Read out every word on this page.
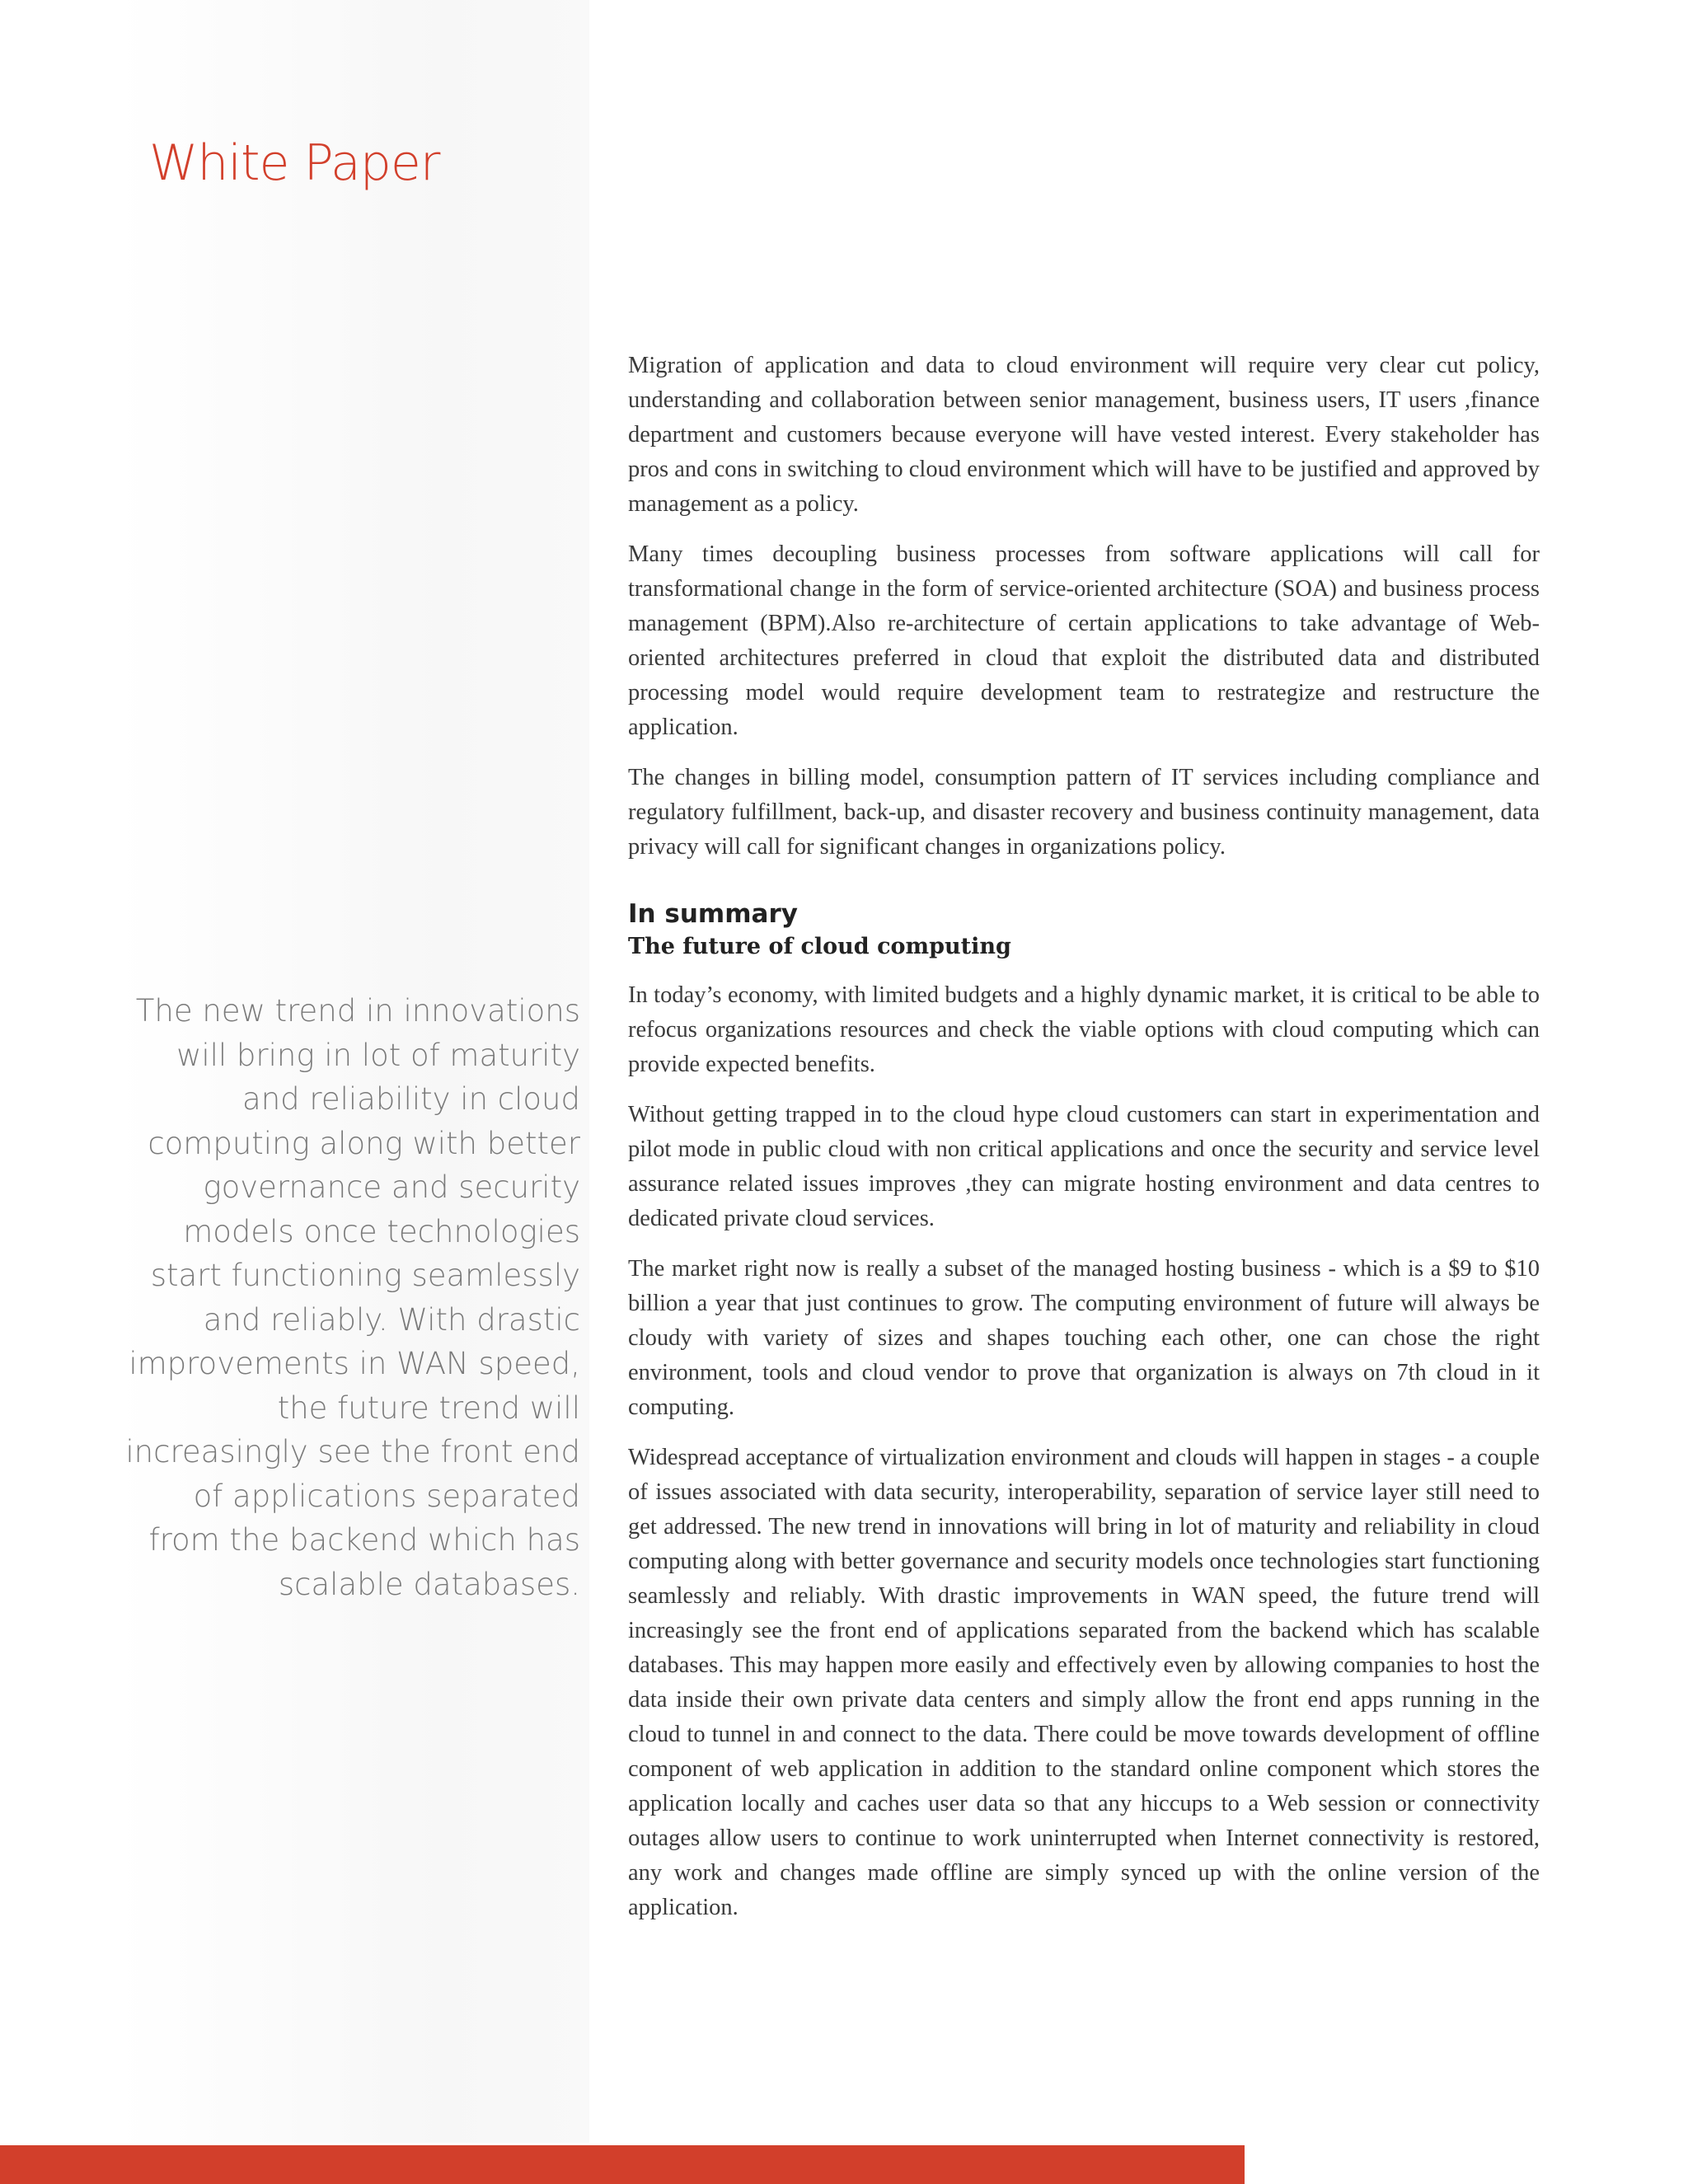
White Paper
The new trend in innovations will bring in lot of maturity and reliability in cloud computing along with better governance and security models once technologies start functioning seamlessly and reliably. With drastic improvements in WAN speed, the future trend will increasingly see the front end of applications separated from the backend which has scalable databases.

Migration of application and data to cloud environment will require very clear cut policy, understanding and collaboration between senior management, business users, IT users ,finance department and customers because everyone will have vested interest. Every stakeholder has pros and cons in switching to cloud environment which will have to be justified and approved by management as a policy.

Many times decoupling business processes from software applications will call for transformational change in the form of service-oriented architecture (SOA) and business process management (BPM).Also re-architecture of certain applications to take advantage of Web-oriented architectures preferred in cloud that exploit the distributed data and distributed processing model would require development team to restrategize and restructure the application.

The changes in billing model, consumption pattern of IT services including compliance and regulatory fulfillment, back-up, and disaster recovery and business continuity management, data privacy will call for significant changes in organizations policy.

In summary
The future of cloud computing

In today’s economy, with limited budgets and a highly dynamic market, it is critical to be able to refocus organizations resources and check the viable options with cloud computing which can provide expected benefits.

Without getting trapped in to the cloud hype cloud customers can start in experimentation and pilot mode in public cloud with non critical applications and once the security and service level assurance related issues improves ,they can migrate hosting environment and data centres to dedicated private cloud services.

The market right now is really a subset of the managed hosting business - which is a $9 to $10 billion a year that just continues to grow. The computing environment of future will always be cloudy with variety of sizes and shapes touching each other, one can chose the right environment, tools and cloud vendor to prove that organization is always on 7th cloud in it computing.

Widespread acceptance of virtualization environment and clouds will happen in stages - a couple of issues associated with data security, interoperability, separation of service layer still need to get addressed. The new trend in innovations will bring in lot of maturity and reliability in cloud computing along with better governance and security models once technologies start functioning seamlessly and reliably. With drastic improvements in WAN speed, the future trend will increasingly see the front end of applications separated from the backend which has scalable databases. This may happen more easily and effectively even by allowing companies to host the data inside their own private data centers and simply allow the front end apps running in the cloud to tunnel in and connect to the data. There could be move towards development of offline component of web application in addition to the standard online component which stores the application locally and caches user data so that any hiccups to a Web session or connectivity outages allow users to continue to work uninterrupted when Internet connectivity is restored, any work and changes made offline are simply synced up with the online version of the application.
